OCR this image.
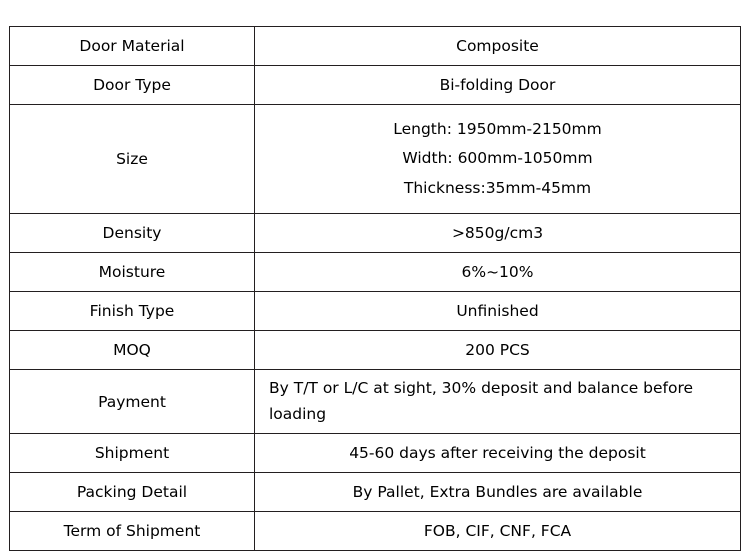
Door Material	Composite
Door Type	Bi-folding Door
Size	Length: 1950mm-2150mm
Width: 600mm-1050mm
Thickness:35mm-45mm

Density	>850g/cm3
Moisture	6%~10%
Finish Type	Unfinished
MOQ	200 PCS
Payment	By T/T or L/C at sight, 30% deposit and balance before loading
Shipment	45-60 days after receiving the deposit
Packing Detail	By Pallet, Extra Bundles are available
Term of Shipment	FOB, CIF, CNF, FCA
